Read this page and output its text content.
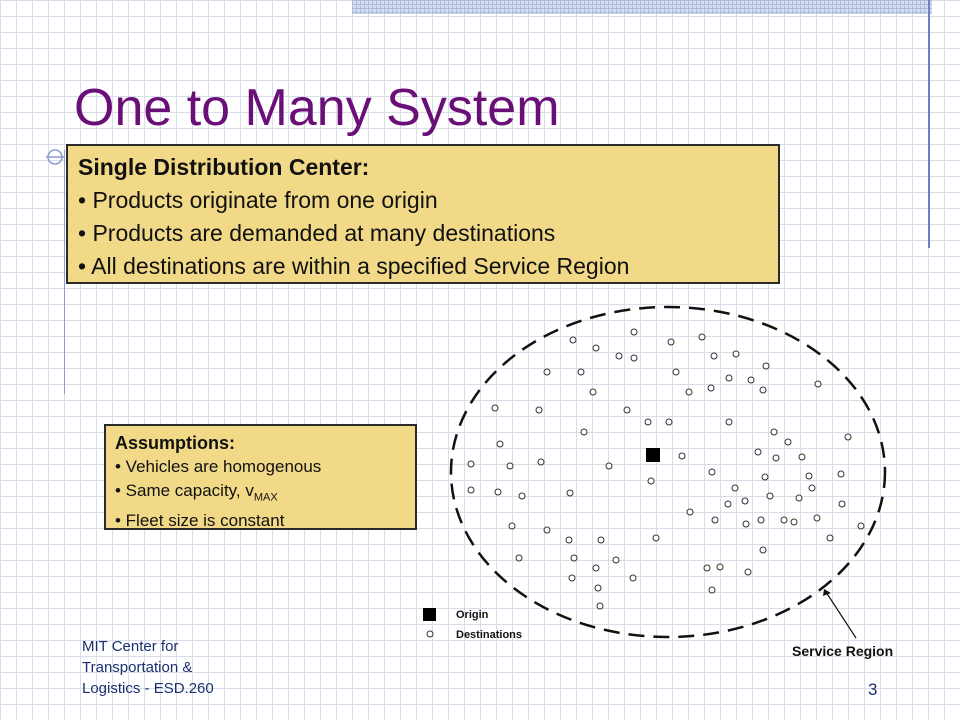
One to Many System
Single Distribution Center:
• Products originate from one origin
• Products are demanded at many destinations
• All destinations are within a specified Service Region
Assumptions:
• Vehicles are homogenous
• Same capacity, $v_{MAX}$
• Fleet size is constant
Origin
Destinations
Service Region
MIT Center for
Transportation &
Logistics - ESD.260	3
